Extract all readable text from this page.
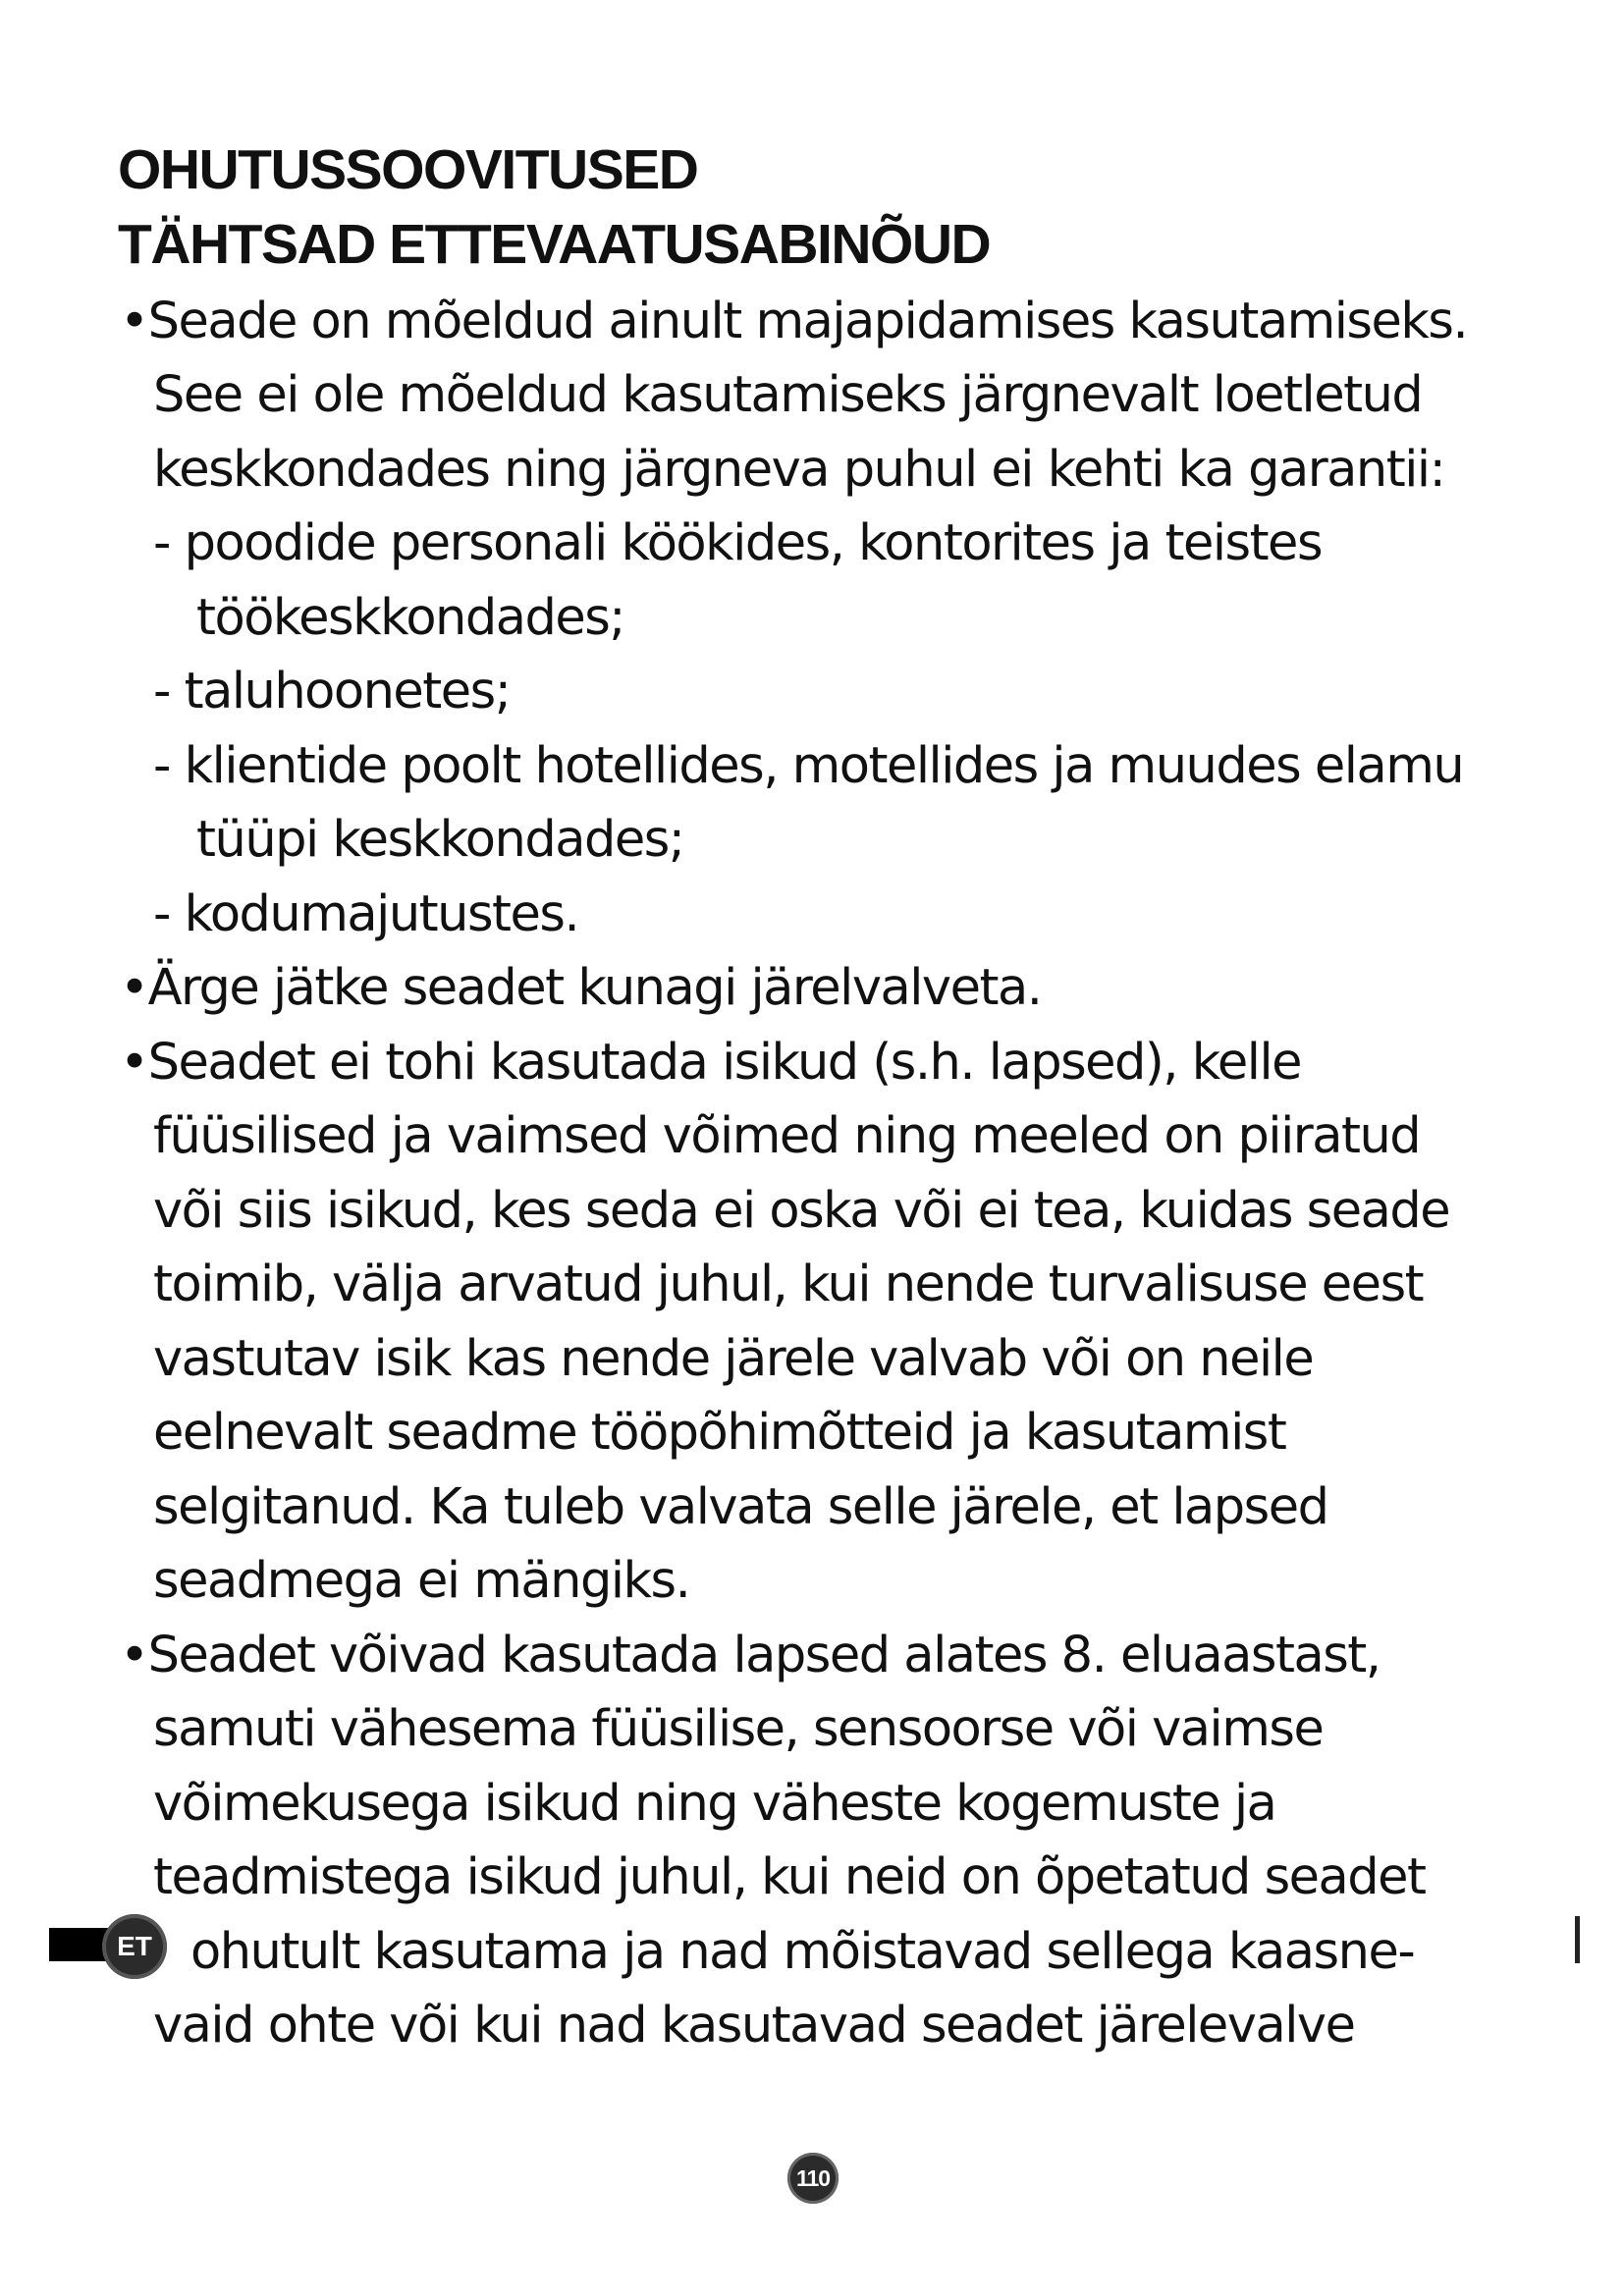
OHUTUSSOOVITUSED
TÄHTSAD ETTEVAATUSABINÕUD

•Seade on mõeldud ainult majapidamises kasutamiseks.

See ei ole mõeldud kasutamiseks järgnevalt loetletud

keskkondades ning järgneva puhul ei kehti ka garantii:

- poodide personali köökides, kontorites ja teistes

töökeskkondades;

- taluhoonetes;

- klientide poolt hotellides, motellides ja muudes elamu

tüüpi keskkondades;

- kodumajutustes.

•Ärge jätke seadet kunagi järelvalveta.

•Seadet ei tohi kasutada isikud (s.h. lapsed), kelle

füüsilised ja vaimsed võimed ning meeled on piiratud

või siis isikud, kes seda ei oska või ei tea, kuidas seade

toimib, välja arvatud juhul, kui nende turvalisuse eest

vastutav isik kas nende järele valvab või on neile

eelnevalt seadme tööpõhimõtteid ja kasutamist

selgitanud. Ka tuleb valvata selle järele, et lapsed

seadmega ei mängiks.

•Seadet võivad kasutada lapsed alates 8. eluaastast,

samuti vähesema füüsilise, sensoorse või vaimse

võimekusega isikud ning väheste kogemuste ja

teadmistega isikud juhul, kui neid on õpetatud seadet

ohutult kasutama ja nad mõistavad sellega kaasne-

vaid ohte või kui nad kasutavad seadet järelevalve

ET
110
